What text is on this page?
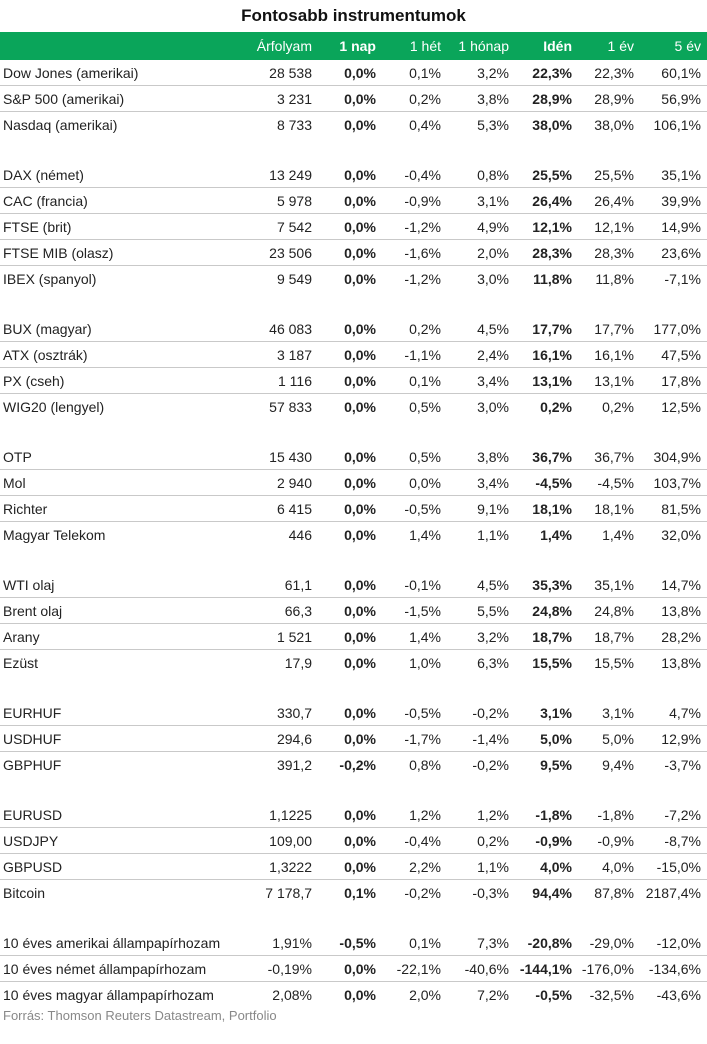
Fontosabb instrumentumok
	Árfolyam	1 nap	1 hét	1 hónap	Idén	1 év	5 év
Dow Jones (amerikai)	28 538	0,0%	0,1%	3,2%	22,3%	22,3%	60,1%
S&P 500 (amerikai)	3 231	0,0%	0,2%	3,8%	28,9%	28,9%	56,9%
Nasdaq (amerikai)	8 733	0,0%	0,4%	5,3%	38,0%	38,0%	106,1%

DAX (német)	13 249	0,0%	-0,4%	0,8%	25,5%	25,5%	35,1%
CAC (francia)	5 978	0,0%	-0,9%	3,1%	26,4%	26,4%	39,9%
FTSE (brit)	7 542	0,0%	-1,2%	4,9%	12,1%	12,1%	14,9%
FTSE MIB (olasz)	23 506	0,0%	-1,6%	2,0%	28,3%	28,3%	23,6%
IBEX (spanyol)	9 549	0,0%	-1,2%	3,0%	11,8%	11,8%	-7,1%

BUX (magyar)	46 083	0,0%	0,2%	4,5%	17,7%	17,7%	177,0%
ATX (osztrák)	3 187	0,0%	-1,1%	2,4%	16,1%	16,1%	47,5%
PX (cseh)	1 116	0,0%	0,1%	3,4%	13,1%	13,1%	17,8%
WIG20 (lengyel)	57 833	0,0%	0,5%	3,0%	0,2%	0,2%	12,5%

OTP	15 430	0,0%	0,5%	3,8%	36,7%	36,7%	304,9%
Mol	2 940	0,0%	0,0%	3,4%	-4,5%	-4,5%	103,7%
Richter	6 415	0,0%	-0,5%	9,1%	18,1%	18,1%	81,5%
Magyar Telekom	446	0,0%	1,4%	1,1%	1,4%	1,4%	32,0%

WTI olaj	61,1	0,0%	-0,1%	4,5%	35,3%	35,1%	14,7%
Brent olaj	66,3	0,0%	-1,5%	5,5%	24,8%	24,8%	13,8%
Arany	1 521	0,0%	1,4%	3,2%	18,7%	18,7%	28,2%
Ezüst	17,9	0,0%	1,0%	6,3%	15,5%	15,5%	13,8%

EURHUF	330,7	0,0%	-0,5%	-0,2%	3,1%	3,1%	4,7%
USDHUF	294,6	0,0%	-1,7%	-1,4%	5,0%	5,0%	12,9%
GBPHUF	391,2	-0,2%	0,8%	-0,2%	9,5%	9,4%	-3,7%

EURUSD	1,1225	0,0%	1,2%	1,2%	-1,8%	-1,8%	-7,2%
USDJPY	109,00	0,0%	-0,4%	0,2%	-0,9%	-0,9%	-8,7%
GBPUSD	1,3222	0,0%	2,2%	1,1%	4,0%	4,0%	-15,0%
Bitcoin	7 178,7	0,1%	-0,2%	-0,3%	94,4%	87,8%	2187,4%

10 éves amerikai állampapírhozam	1,91%	-0,5%	0,1%	7,3%	-20,8%	-29,0%	-12,0%
10 éves német állampapírhozam	-0,19%	0,0%	-22,1%	-40,6%	-144,1%	-176,0%	-134,6%
10 éves magyar állampapírhozam	2,08%	0,0%	2,0%	7,2%	-0,5%	-32,5%	-43,6%
Forrás: Thomson Reuters Datastream, Portfolio
